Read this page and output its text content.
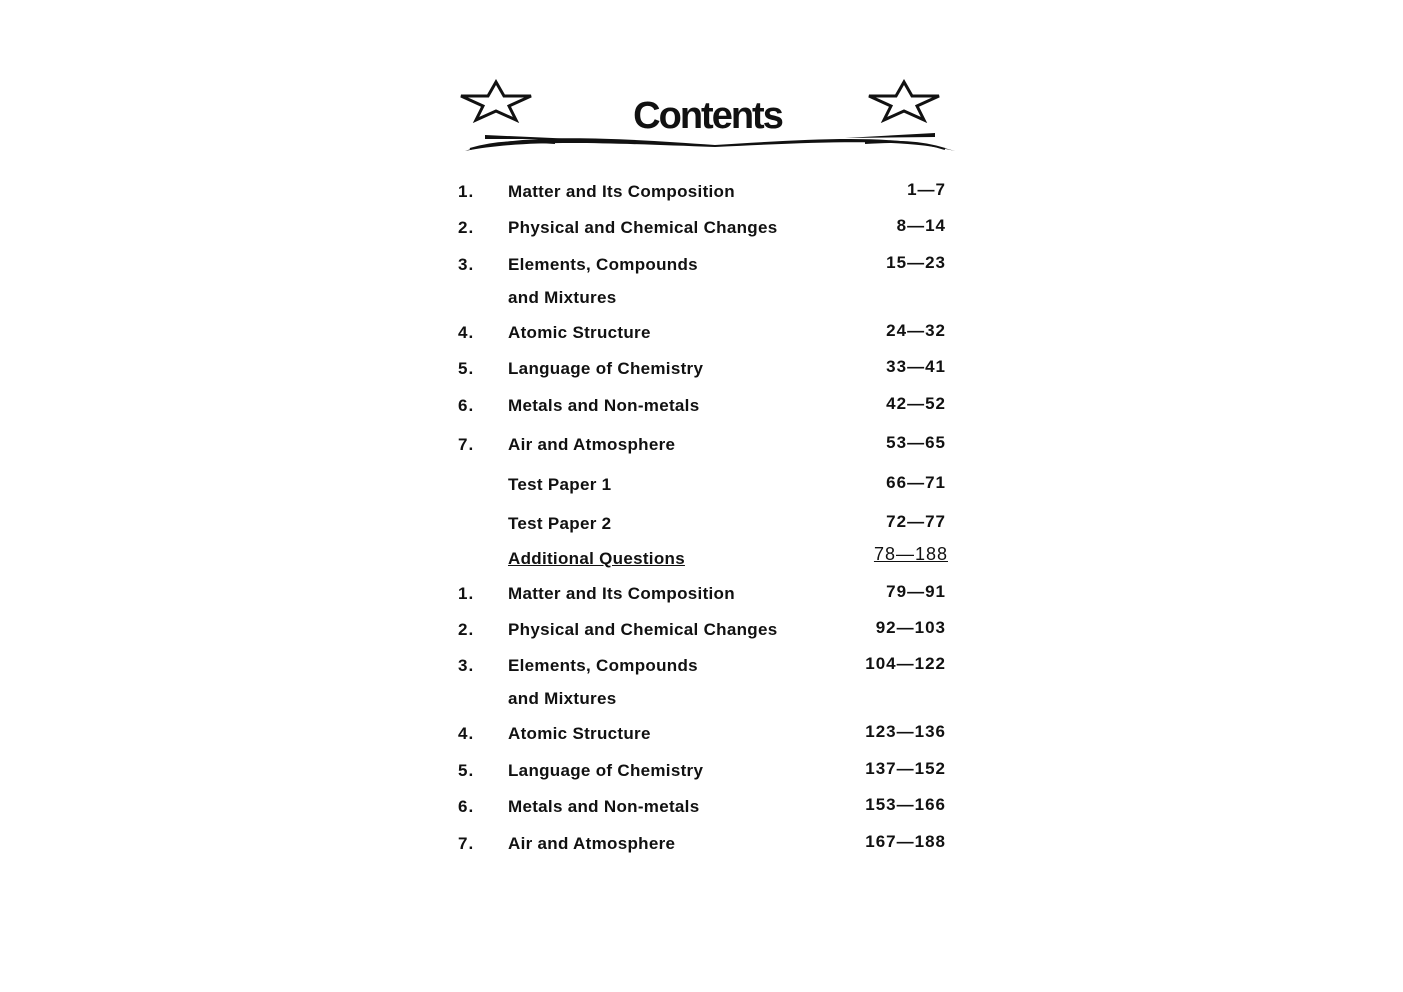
Contents
1. Matter and Its Composition	1—7
2. Physical and Chemical Changes	8—14
3. Elements, Compounds	15—23
and Mixtures
4. Atomic Structure	24—32
5. Language of Chemistry	33—41
6. Metals and Non-metals	42—52
7. Air and Atmosphere	53—65
Test Paper 1	66—71
Test Paper 2	72—77
Additional Questions	78—188
1. Matter and Its Composition	79—91
2. Physical and Chemical Changes	92—103
3. Elements, Compounds	104—122
and Mixtures
4. Atomic Structure	123—136
5. Language of Chemistry	137—152
6. Metals and Non-metals	153—166
7. Air and Atmosphere	167—188
